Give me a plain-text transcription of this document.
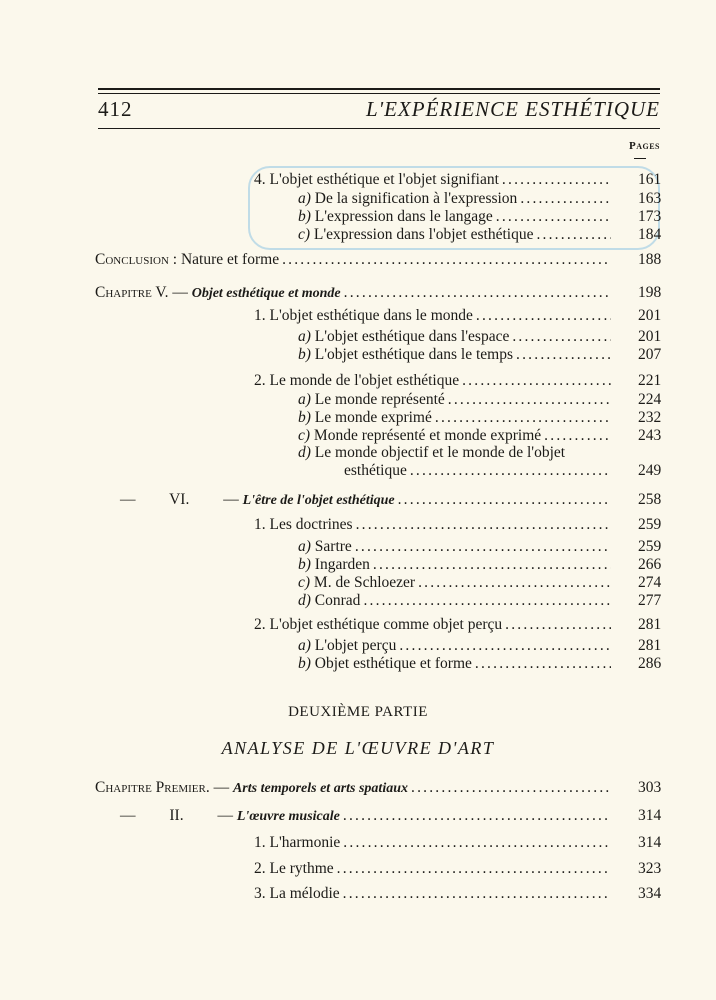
412	L'EXPÉRIENCE ESTHÉTIQUE
Pages
4. L'objet esthétique et l'objet signifiant .....	161
a) De la signification à l'expression .....	163
b) L'expression dans le langage .....	173
c) L'expression dans l'objet esthétique .....	184
Conclusion : Nature et forme .....	188
Chapitre V. — Objet esthétique et monde .....	198
1. L'objet esthétique dans le monde .....	201
a) L'objet esthétique dans l'espace .....	201
b) L'objet esthétique dans le temps .....	207
2. Le monde de l'objet esthétique .....	221
a) Le monde représenté .....	224
b) Le monde exprimé .....	232
c) Monde représenté et monde exprimé .....	243
d) Le monde objectif et le monde de l'objet
esthétique .....	249
— VI. — L'être de l'objet esthétique .....	258
1. Les doctrines .....	259
a) Sartre .....	259
b) Ingarden .....	266
c) M. de Schloezer .....	274
d) Conrad .....	277
2. L'objet esthétique comme objet perçu .....	281
a) L'objet perçu .....	281
b) Objet esthétique et forme .....	286
DEUXIÈME PARTIE
ANALYSE DE L'ŒUVRE D'ART
Chapitre Premier. — Arts temporels et arts spatiaux .....	303
— II. — L'œuvre musicale .....	314
1. L'harmonie .....	314
2. Le rythme .....	323
3. La mélodie .....	334
